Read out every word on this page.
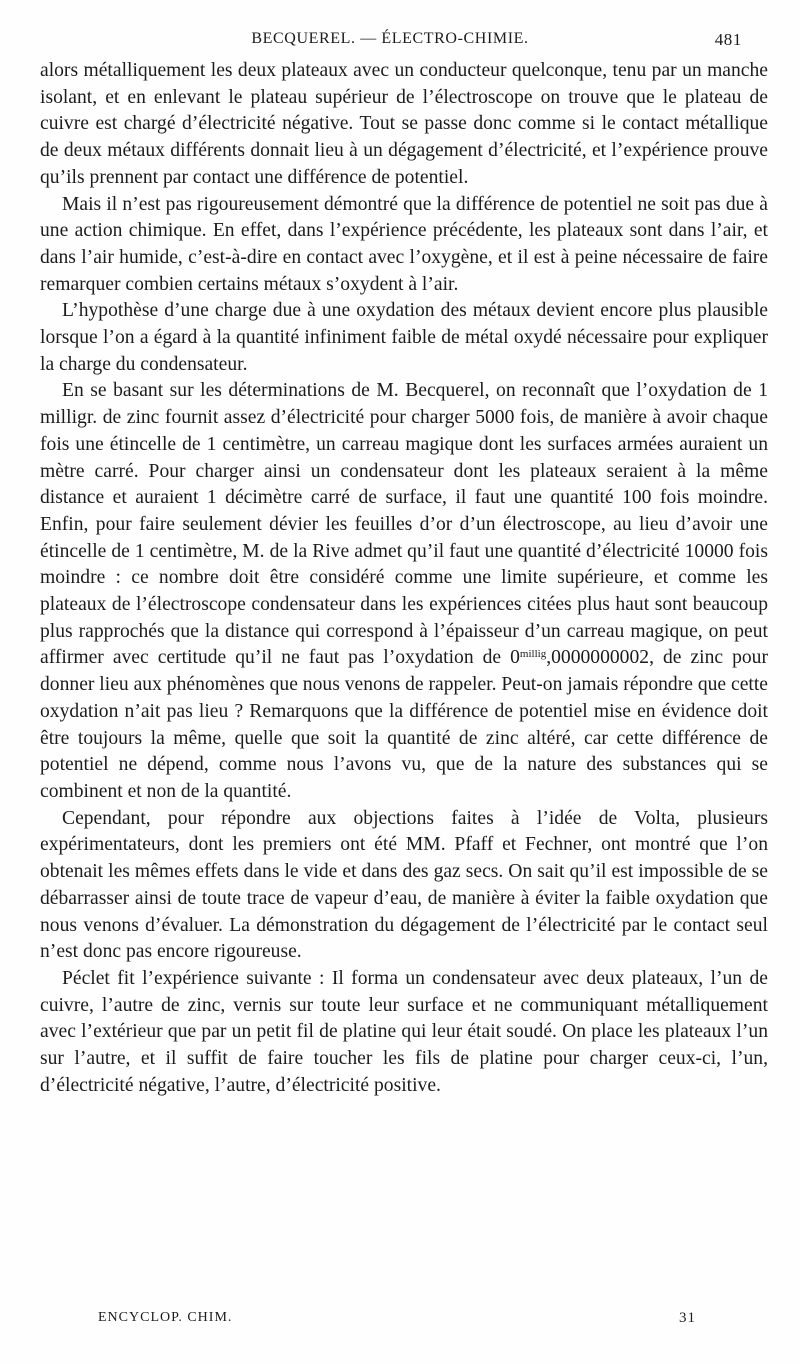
BECQUEREL. — ÉLECTRO-CHIMIE.	481

alors métalliquement les deux plateaux avec un conducteur quelconque, tenu par un manche isolant, et en enlevant le plateau supérieur de l’électroscope on trouve que le plateau de cuivre est chargé d’électricité négative. Tout se passe donc comme si le contact métallique de deux métaux différents donnait lieu à un dégagement d’électricité, et l’expérience prouve qu’ils prennent par contact une différence de potentiel.

Mais il n’est pas rigoureusement démontré que la différence de potentiel ne soit pas due à une action chimique. En effet, dans l’expérience précédente, les plateaux sont dans l’air, et dans l’air humide, c’est-à-dire en contact avec l’oxygène, et il est à peine nécessaire de faire remarquer combien certains métaux s’oxydent à l’air.

L’hypothèse d’une charge due à une oxydation des métaux devient encore plus plausible lorsque l’on a égard à la quantité infiniment faible de métal oxydé nécessaire pour expliquer la charge du condensateur.

En se basant sur les déterminations de M. Becquerel, on reconnaît que l’oxydation de 1 milligr. de zinc fournit assez d’électricité pour charger 5000 fois, de manière à avoir chaque fois une étincelle de 1 centimètre, un carreau magique dont les surfaces armées auraient un mètre carré. Pour charger ainsi un condensateur dont les plateaux seraient à la même distance et auraient 1 décimètre carré de surface, il faut une quantité 100 fois moindre. Enfin, pour faire seulement dévier les feuilles d’or d’un électroscope, au lieu d’avoir une étincelle de 1 centimètre, M. de la Rive admet qu’il faut une quantité d’électricité 10000 fois moindre : ce nombre doit être considéré comme une limite supérieure, et comme les plateaux de l’électroscope condensateur dans les expériences citées plus haut sont beaucoup plus rapprochés que la distance qui correspond à l’épaisseur d’un carreau magique, on peut affirmer avec certitude qu’il ne faut pas l’oxydation de $0^{millig},0000000002$, de zinc pour donner lieu aux phénomènes que nous venons de rappeler. Peut-on jamais répondre que cette oxydation n’ait pas lieu ? Remarquons que la différence de potentiel mise en évidence doit être toujours la même, quelle que soit la quantité de zinc altéré, car cette différence de potentiel ne dépend, comme nous l’avons vu, que de la nature des substances qui se combinent et non de la quantité.

Cependant, pour répondre aux objections faites à l’idée de Volta, plusieurs expérimentateurs, dont les premiers ont été MM. Pfaff et Fechner, ont montré que l’on obtenait les mêmes effets dans le vide et dans des gaz secs. On sait qu’il est impossible de se débarrasser ainsi de toute trace de vapeur d’eau, de manière à éviter la faible oxydation que nous venons d’évaluer. La démonstration du dégagement de l’électricité par le contact seul n’est donc pas encore rigoureuse.

Péclet fit l’expérience suivante : Il forma un condensateur avec deux plateaux, l’un de cuivre, l’autre de zinc, vernis sur toute leur surface et ne communiquant métalliquement avec l’extérieur que par un petit fil de platine qui leur était soudé. On place les plateaux l’un sur l’autre, et il suffit de faire toucher les fils de platine pour charger ceux-ci, l’un, d’électricité négative, l’autre, d’électricité positive.

ENCYCLOP. CHIM.	31
